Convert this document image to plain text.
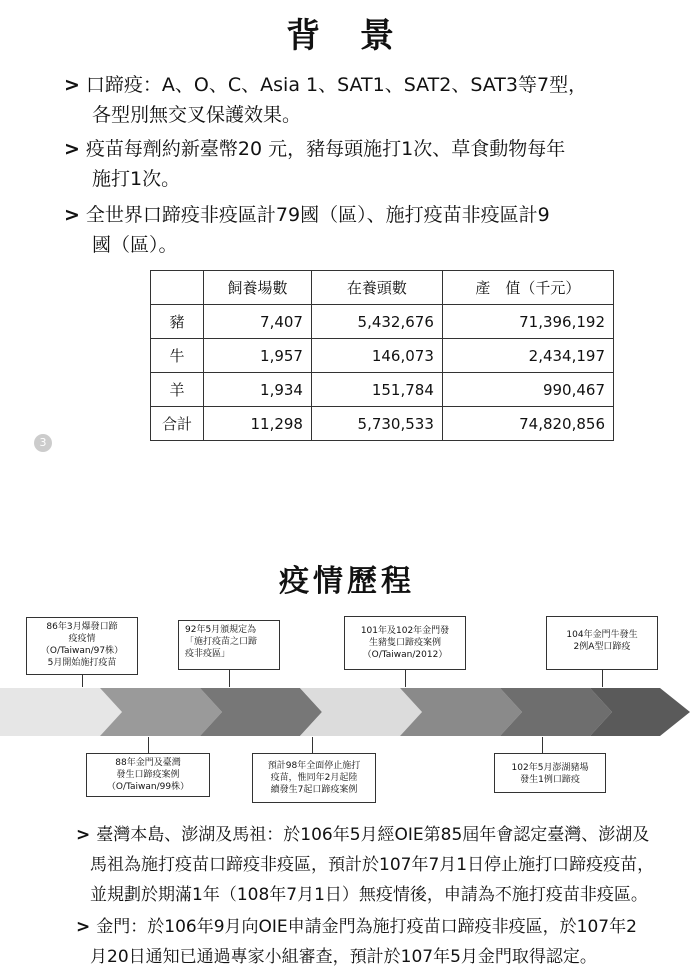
背 景
> 口蹄疫：A、O、C、Asia 1、SAT1、SAT2、SAT3等7型，
各型別無交叉保護效果。
> 疫苗每劑約新臺幣20 元，豬每頭施打1次、草食動物每年
施打1次。
> 全世界口蹄疫非疫區計79國（區）、施打疫苗非疫區計9
國（區）。
	飼養場數	在養頭數	產　值（千元）
豬	7,407	5,432,676	71,396,192
牛	1,957	146,073	2,434,197
羊	1,934	151,784	990,467
合計	11,298	5,730,533	74,820,856
3
疫情歷程
86年3月爆發口蹄
疫疫情
（O/Taiwan/97株）
5月開始施打疫苗
92年5月頒規定為
「施打疫苗之口蹄
疫非疫區」
101年及102年金門發
生豬隻口蹄疫案例
（O/Taiwan/2012）
104年金門牛發生
2例A型口蹄疫
88年金門及臺灣
發生口蹄疫案例
（O/Taiwan/99株）
預計98年全面停止施打
疫苗，惟同年2月起陸
續發生7起口蹄疫案例
102年5月澎湖豬場
發生1例口蹄疫
> 臺灣本島、澎湖及馬祖：於106年5月經OIE第85屆年會認定臺灣、澎湖及
馬祖為施打疫苗口蹄疫非疫區，預計於107年7月1日停止施打口蹄疫疫苗，
並規劃於期滿1年（108年7月1日）無疫情後，申請為不施打疫苗非疫區。
> 金門：於106年9月向OIE申請金門為施打疫苗口蹄疫非疫區，於107年2
月20日通知已通過專家小組審查，預計於107年5月金門取得認定。
